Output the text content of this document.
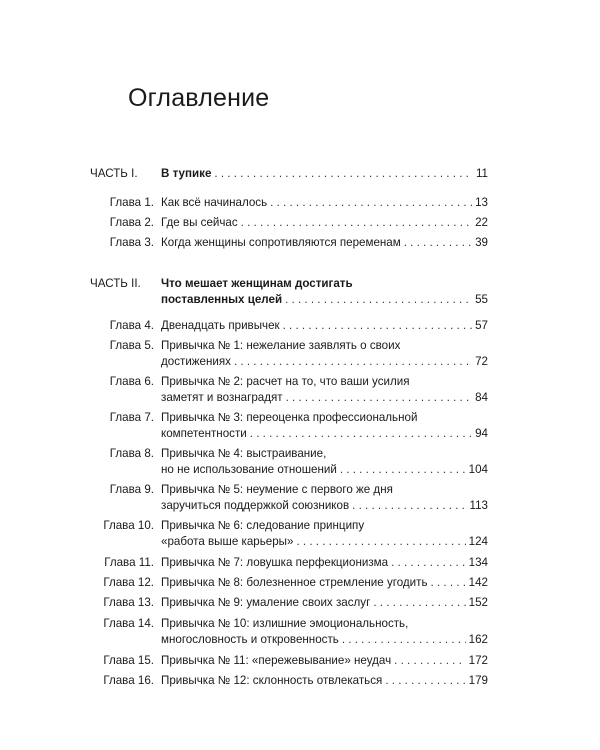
Оглавление
ЧАСТЬ I. В тупике . . .	11
Глава 1. Как всё начиналось . . .	13
Глава 2. Где вы сейчас . . .	22
Глава 3. Когда женщины сопротивляются переменам . . .	39
ЧАСТЬ II. Что мешает женщинам достигать
поставленных целей . . .	55
Глава 4. Двенадцать привычек . . .	57
Глава 5. Привычка № 1: нежелание заявлять о своих
достижениях . . .	72
Глава 6. Привычка № 2: расчет на то, что ваши усилия
заметят и вознаградят . . .	84
Глава 7. Привычка № 3: переоценка профессиональной
компетентности . . .	94
Глава 8. Привычка № 4: выстраивание,
но не использование отношений . . .	104
Глава 9. Привычка № 5: неумение с первого же дня
заручиться поддержкой союзников . . .	113
Глава 10. Привычка № 6: следование принципу
«работа выше карьеры» . . .	124
Глава 11. Привычка № 7: ловушка перфекционизма . . .	134
Глава 12. Привычка № 8: болезненное стремление угодить . . .	142
Глава 13. Привычка № 9: умаление своих заслуг . . .	152
Глава 14. Привычка № 10: излишние эмоциональность,
многословность и откровенность . . .	162
Глава 15. Привычка № 11: «пережевывание» неудач . . .	172
Глава 16. Привычка № 12: склонность отвлекаться . . .	179
